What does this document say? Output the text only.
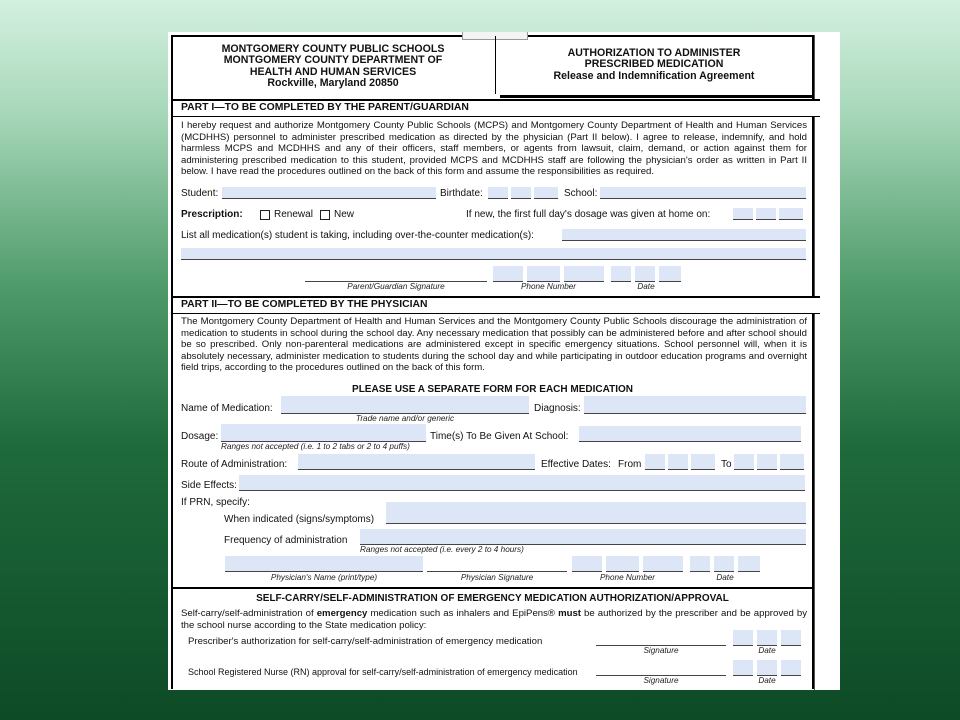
MONTGOMERY COUNTY PUBLIC SCHOOLS
MONTGOMERY COUNTY DEPARTMENT OF
HEALTH AND HUMAN SERVICES
Rockville, Maryland 20850
AUTHORIZATION TO ADMINISTER
PRESCRIBED MEDICATION
Release and Indemnification Agreement
PART I—TO BE COMPLETED BY THE PARENT/GUARDIAN
I hereby request and authorize Montgomery County Public Schools (MCPS) and Montgomery County Department of Health and Human Services (MCDHHS) personnel to administer prescribed medication as directed by the physician (Part II below). I agree to release, indemnify, and hold harmless MCPS and MCDHHS and any of their officers, staff members, or agents from lawsuit, claim, demand, or action against them for administering prescribed medication to this student, provided MCPS and MCDHHS staff are following the physician's order as written in Part II below. I have read the procedures outlined on the back of this form and assume the responsibilities as required.
Student:	Birthdate:	School:
Prescription:	Renewal New	If new, the first full day's dosage was given at home on:
List all medication(s) student is taking, including over-the-counter medication(s):
Parent/Guardian Signature	Phone Number	Date
PART II—TO BE COMPLETED BY THE PHYSICIAN
The Montgomery County Department of Health and Human Services and the Montgomery County Public Schools discourage the administration of medication to students in school during the school day. Any necessary medication that possibly can be administered before and after school should be so prescribed. Only non-parenteral medications are administered except in specific emergency situations. School personnel will, when it is absolutely necessary, administer medication to students during the school day and while participating in outdoor education programs and overnight field trips, according to the procedures outlined on the back of this form.
PLEASE USE A SEPARATE FORM FOR EACH MEDICATION
Name of Medication:
Trade name and/or generic
Diagnosis:
Dosage:
Ranges not accepted (i.e. 1 to 2 tabs or 2 to 4 puffs)
Time(s) To Be Given At School:
Route of Administration:	Effective Dates: From	To
Side Effects:
If PRN, specify:
When indicated (signs/symptoms)
Frequency of administration
Ranges not accepted (i.e. every 2 to 4 hours)
Physician's Name (print/type)	Physician Signature	Phone Number	Date
SELF-CARRY/SELF-ADMINISTRATION OF EMERGENCY MEDICATION AUTHORIZATION/APPROVAL
Self-carry/self-administration of emergency medication such as inhalers and EpiPens® must be authorized by the prescriber and be approved by the school nurse according to the State medication policy:
Prescriber's authorization for self-carry/self-administration of emergency medication
Signature	Date
School Registered Nurse (RN) approval for self-carry/self-administration of emergency medication
Signature	Date
